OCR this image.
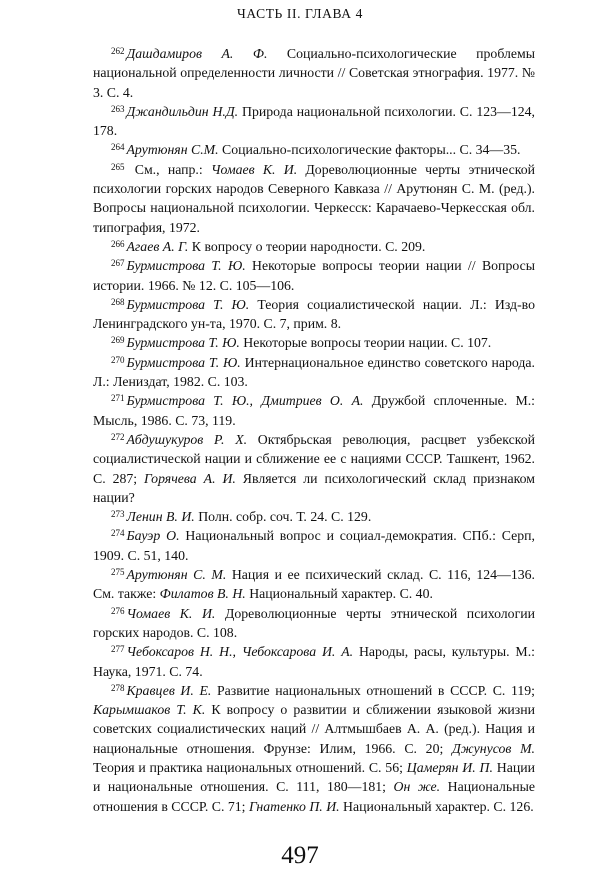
ЧАСТЬ II. ГЛАВА 4

$^{262}$ Дашдамиров А. Ф. Социально-психологические проблемы национальной определенности личности // Советская этнография. 1977. № 3. С. 4.

$^{263}$ Джандильдин Н.Д. Природа национальной психологии. С. 123—124, 178.

$^{264}$ Арутюнян С.М. Социально-психологические факторы... С. 34—35.

$^{265}$ См., напр.: Чомаев К. И. Дореволюционные черты этнической психологии горских народов Северного Кавказа // Арутюнян С. М. (ред.). Вопросы национальной психологии. Черкесск: Карачаево-Черкесская обл. типография, 1972.

$^{266}$ Агаев А. Г. К вопросу о теории народности. С. 209.

$^{267}$ Бурмистрова Т. Ю. Некоторые вопросы теории нации // Вопросы истории. 1966. № 12. С. 105—106.

$^{268}$ Бурмистрова Т. Ю. Теория социалистической нации. Л.: Изд-во Ленинградского ун-та, 1970. С. 7, прим. 8.

$^{269}$ Бурмистрова Т. Ю. Некоторые вопросы теории нации. С. 107.

$^{270}$ Бурмистрова Т. Ю. Интернациональное единство советского народа. Л.: Лениздат, 1982. С. 103.

$^{271}$ Бурмистрова Т. Ю., Дмитриев О. А. Дружбой сплоченные. М.: Мысль, 1986. С. 73, 119.

$^{272}$ Абдушукуров Р. Х. Октябрьская революция, расцвет узбекской социалистической нации и сближение ее с нациями СССР. Ташкент, 1962. С. 287; Горячева А. И. Является ли психологический склад признаком нации?

$^{273}$ Ленин В. И. Полн. собр. соч. Т. 24. С. 129.

$^{274}$ Бауэр О. Национальный вопрос и социал-демократия. СПб.: Серп, 1909. С. 51, 140.

$^{275}$ Арутюнян С. М. Нация и ее психический склад. С. 116, 124—136. См. также: Филатов В. Н. Национальный характер. С. 40.

$^{276}$ Чомаев К. И. Дореволюционные черты этнической психологии горских народов. С. 108.

$^{277}$ Чебоксаров Н. Н., Чебоксарова И. А. Народы, расы, культуры. М.: Наука, 1971. С. 74.

$^{278}$ Кравцев И. Е. Развитие национальных отношений в СССР. С. 119; Карымшаков Т. К. К вопросу о развитии и сближении языковой жизни советских социалистических наций // Алтмышбаев А. А. (ред.). Нация и национальные отношения. Фрунзе: Илим, 1966. С. 20; Джунусов М. Теория и практика национальных отношений. С. 56; Цамерян И. П. Нации и национальные отношения. С. 111, 180—181; Он же. Национальные отношения в СССР. С. 71; Гнатенко П. И. Национальный характер. С. 126.

497
